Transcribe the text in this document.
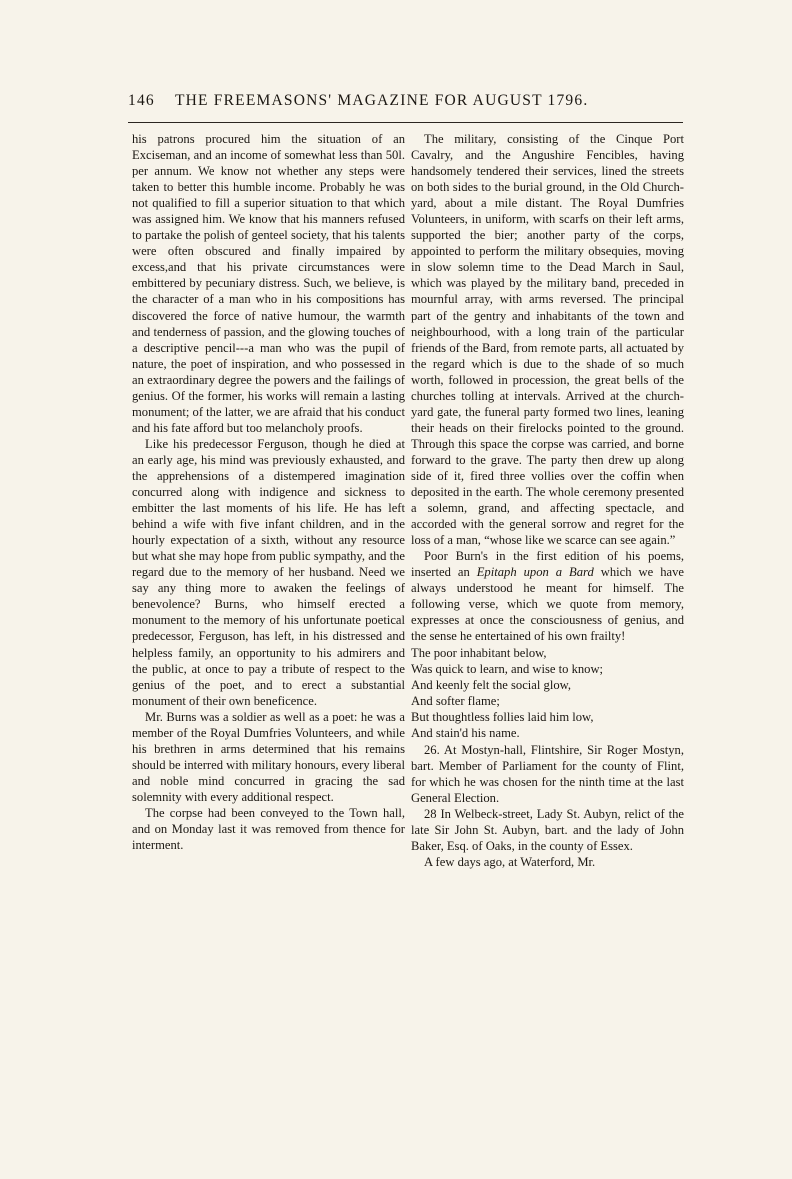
146 THE FREEMASONS' MAGAZINE FOR AUGUST 1796.

his patrons procured him the situation of an Exciseman, and an income of somewhat less than 50l. per annum. We know not whether any steps were taken to better this humble income. Probably he was not qualified to fill a superior situation to that which was assigned him. We know that his manners refused to partake the polish of genteel society, that his talents were often obscured and finally impaired by excess,and that his private circumstances were embittered by pecuniary distress. Such, we believe, is the character of a man who in his compositions has discovered the force of native humour, the warmth and tenderness of passion, and the glowing touches of a descriptive pencil---a man who was the pupil of nature, the poet of inspiration, and who possessed in an extraordinary degree the powers and the failings of genius. Of the former, his works will remain a lasting monument; of the latter, we are afraid that his conduct and his fate afford but too melancholy proofs.

Like his predecessor Ferguson, though he died at an early age, his mind was previously exhausted, and the apprehensions of a distempered imagination concurred along with indigence and sickness to embitter the last moments of his life. He has left behind a wife with five infant children, and in the hourly expectation of a sixth, without any resource but what she may hope from public sympathy, and the regard due to the memory of her husband. Need we say any thing more to awaken the feelings of benevolence? Burns, who himself erected a monument to the memory of his unfortunate poetical predecessor, Ferguson, has left, in his distressed and helpless family, an opportunity to his admirers and the public, at once to pay a tribute of respect to the genius of the poet, and to erect a substantial monument of their own beneficence.

Mr. Burns was a soldier as well as a poet: he was a member of the Royal Dumfries Volunteers, and while his brethren in arms determined that his remains should be interred with military honours, every liberal and noble mind concurred in gracing the sad solemnity with every additional respect.

The corpse had been conveyed to the Town hall, and on Monday last it was removed from thence for interment.

The military, consisting of the Cinque Port Cavalry, and the Angushire Fencibles, having handsomely tendered their services, lined the streets on both sides to the burial ground, in the Old Church-yard, about a mile distant. The Royal Dumfries Volunteers, in uniform, with scarfs on their left arms, supported the bier; another party of the corps, appointed to perform the military obsequies, moving in slow solemn time to the Dead March in Saul, which was played by the military band, preceded in mournful array, with arms reversed. The principal part of the gentry and inhabitants of the town and neighbourhood, with a long train of the particular friends of the Bard, from remote parts, all actuated by the regard which is due to the shade of so much worth, followed in procession, the great bells of the churches tolling at intervals. Arrived at the church-yard gate, the funeral party formed two lines, leaning their heads on their firelocks pointed to the ground. Through this space the corpse was carried, and borne forward to the grave. The party then drew up along side of it, fired three vollies over the coffin when deposited in the earth. The whole ceremony presented a solemn, grand, and affecting spectacle, and accorded with the general sorrow and regret for the loss of a man, “whose like we scarce can see again.”

Poor Burn's in the first edition of his poems, inserted an Epitaph upon a Bard which we have always understood he meant for himself. The following verse, which we quote from memory, expresses at once the consciousness of genius, and the sense he entertained of his own frailty!

The poor inhabitant below,
Was quick to learn, and wise to know;
And keenly felt the social glow,
And softer flame;
But thoughtless follies laid him low,
And stain'd his name.

26. At Mostyn-hall, Flintshire, Sir Roger Mostyn, bart. Member of Parliament for the county of Flint, for which he was chosen for the ninth time at the last General Election.

28 In Welbeck-street, Lady St. Aubyn, relict of the late Sir John St. Aubyn, bart. and the lady of John Baker, Esq. of Oaks, in the county of Essex.

A few days ago, at Waterford, Mr.
